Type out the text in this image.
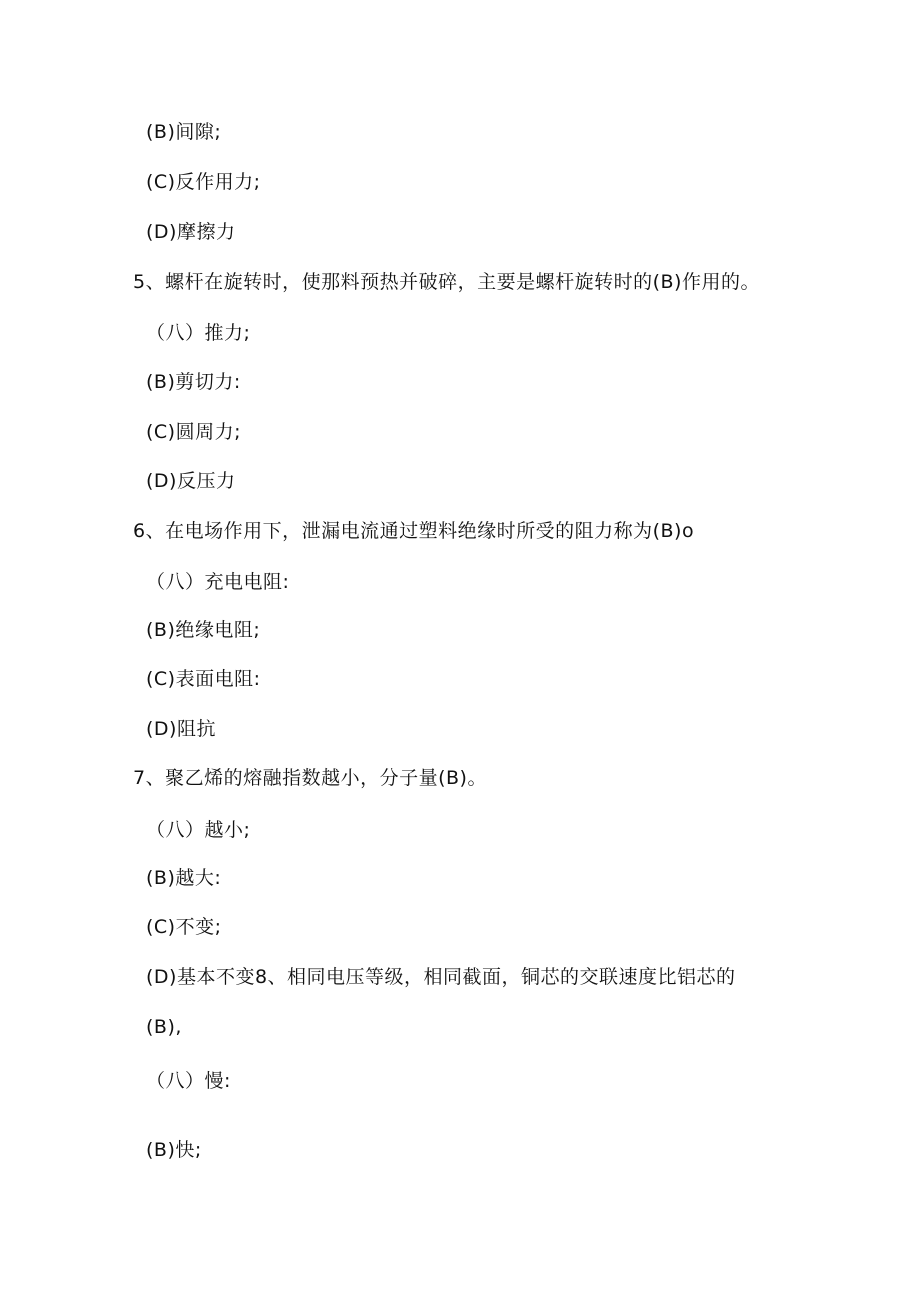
(B)间隙;
(C)反作用力;
(D)摩擦力
5、螺杆在旋转时，使那料预热并破碎，主要是螺杆旋转时的(B)作用的。
（八）推力;
(B)剪切力:
(C)圆周力;
(D)反压力
6、在电场作用下，泄漏电流通过塑料绝缘时所受的阻力称为(B)o
（八）充电电阻:
(B)绝缘电阻;
(C)表面电阻:
(D)阻抗
7、聚乙烯的熔融指数越小，分子量(B)。
（八）越小;
(B)越大:
(C)不变;
(D)基本不变8、相同电压等级，相同截面，铜芯的交联速度比铝芯的
(B),
（八）慢:
(B)快;
